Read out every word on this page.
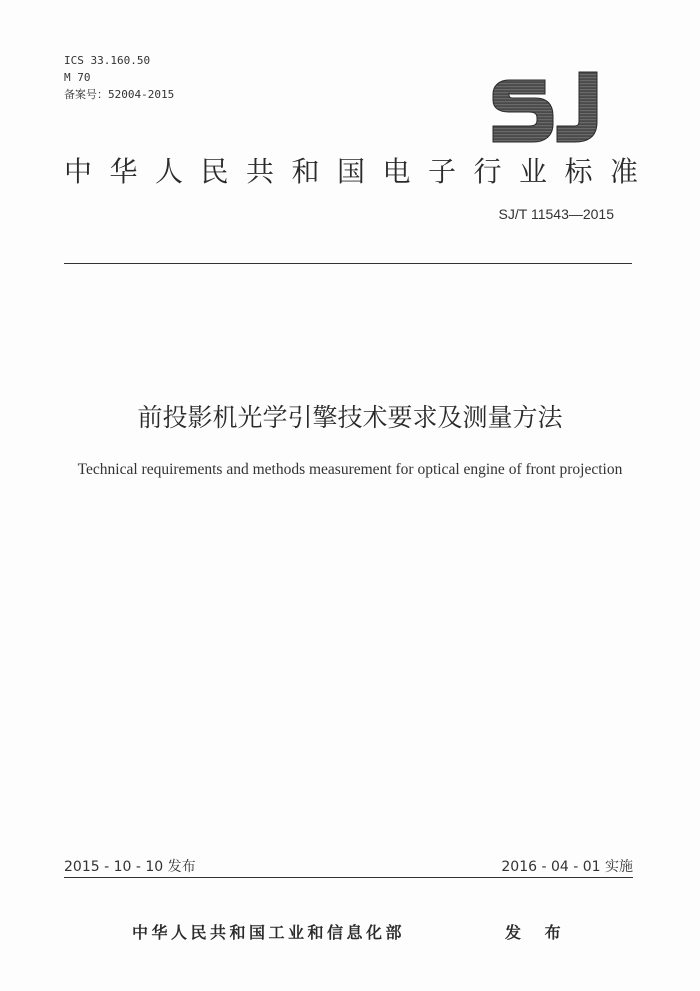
ICS 33.160.50
M 70
备案号：52004-2015
中华人民共和国电子行业标准
SJ/T 11543—2015
前投影机光学引擎技术要求及测量方法
Technical requirements and methods measurement for optical engine of front projection
2015 - 10 - 10 发布	2016 - 04 - 01 实施
中华人民共和国工业和信息化部	发 布
